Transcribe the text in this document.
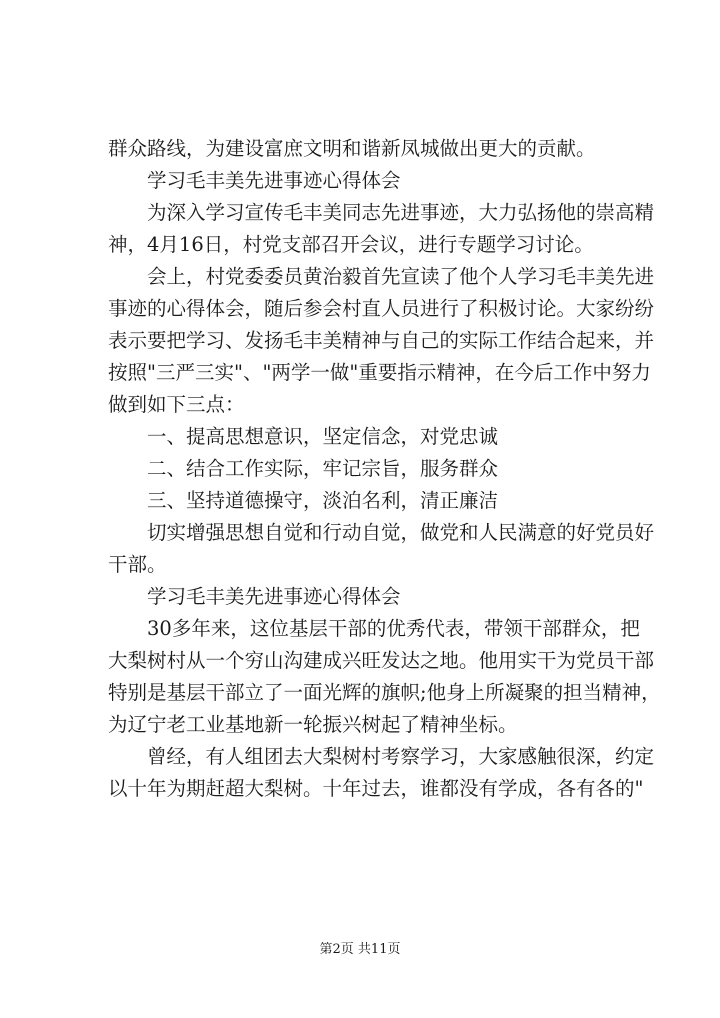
群众路线，为建设富庶文明和谐新凤城做出更大的贡献。
学习毛丰美先进事迹心得体会
为深入学习宣传毛丰美同志先进事迹，大力弘扬他的崇高精
神，4月16日，村党支部召开会议，进行专题学习讨论。
会上，村党委委员黄治毅首先宣读了他个人学习毛丰美先进
事迹的心得体会，随后参会村直人员进行了积极讨论。大家纷纷
表示要把学习、发扬毛丰美精神与自己的实际工作结合起来，并
按照"三严三实"、"两学一做"重要指示精神，在今后工作中努力
做到如下三点：
一、提高思想意识，坚定信念，对党忠诚
二、结合工作实际，牢记宗旨，服务群众
三、坚持道德操守，淡泊名利，清正廉洁
切实增强思想自觉和行动自觉，做党和人民满意的好党员好
干部。
学习毛丰美先进事迹心得体会
30多年来，这位基层干部的优秀代表，带领干部群众，把
大梨树村从一个穷山沟建成兴旺发达之地。他用实干为党员干部
特别是基层干部立了一面光辉的旗帜;他身上所凝聚的担当精神，
为辽宁老工业基地新一轮振兴树起了精神坐标。
曾经，有人组团去大梨树村考察学习，大家感触很深，约定
以十年为期赶超大梨树。十年过去，谁都没有学成，各有各的"
第2页 共11页
